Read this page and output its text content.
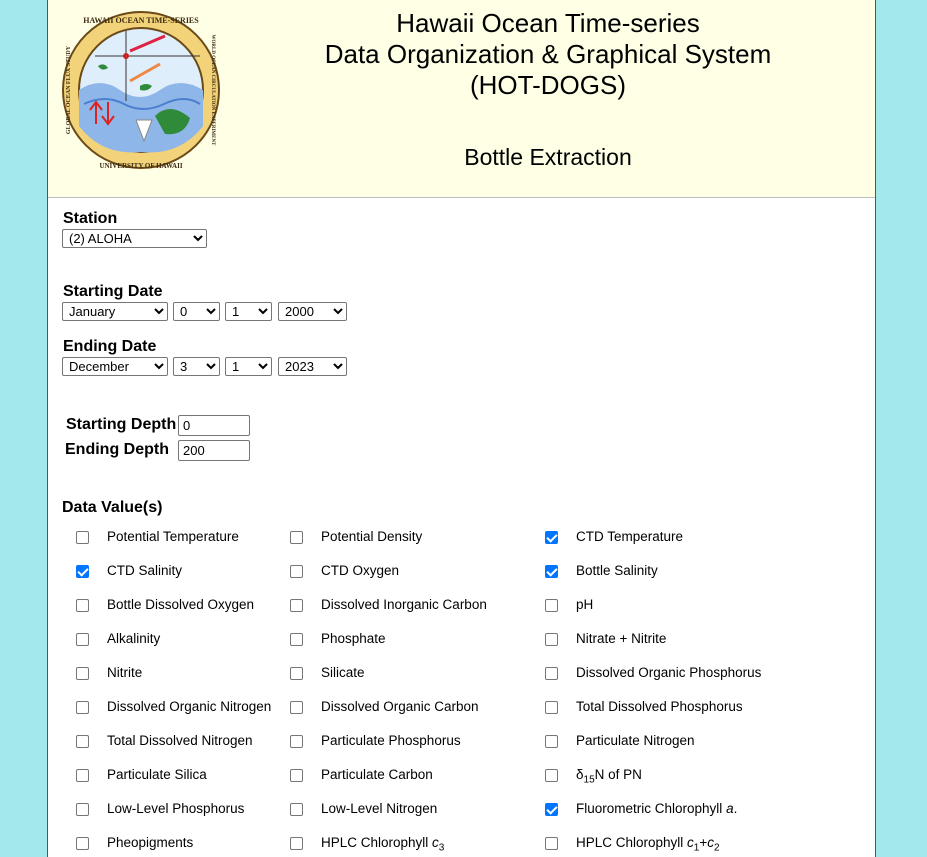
HAWAII OCEAN TIME-SERIES
UNIVERSITY OF HAWAII
GLOBAL OCEAN FLUX STUDY	WORLD OCEAN CIRCULATION EXPERIMENT
Hawaii Ocean Time-series
Data Organization & Graphical System
(HOT-DOGS)
Bottle Extraction
Station
(2) ALOHA
Starting Date
January
0
1
2000
Ending Date
December
3
1
2023
Starting Depth
0
Ending Depth
200
Data Value(s)
Potential Temperature	Potential Density	CTD Temperature
CTD Salinity	CTD Oxygen	Bottle Salinity
Bottle Dissolved Oxygen	Dissolved Inorganic Carbon	pH
Alkalinity	Phosphate	Nitrate + Nitrite
Nitrite	Silicate	Dissolved Organic Phosphorus
Dissolved Organic Nitrogen	Dissolved Organic Carbon	Total Dissolved Phosphorus
Total Dissolved Nitrogen	Particulate Phosphorus	Particulate Nitrogen
Particulate Silica	Particulate Carbon	$\delta_{15}N$ of PN
Low-Level Phosphorus	Low-Level Nitrogen	Fluorometric Chlorophyll a.
Pheopigments	HPLC Chlorophyll $c_3$	HPLC Chlorophyll $c_1+c_2$
